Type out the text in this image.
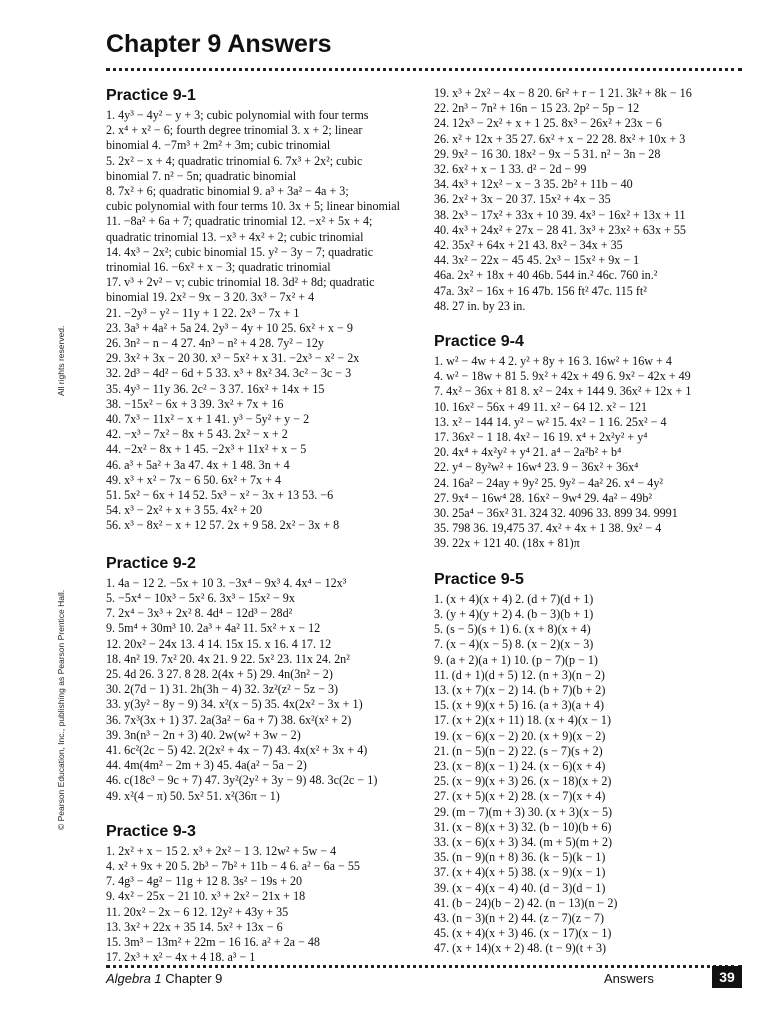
Chapter 9 Answers
Practice 9-1

1. 4y³ − 4y² − y + 3; cubic polynomial with four terms

2. x⁴ + x² − 6; fourth degree trinomial 3. x + 2; linear

binomial 4. −7m³ + 2m² + 3m; cubic trinomial

5. 2x² − x + 4; quadratic trinomial 6. 7x³ + 2x²; cubic

binomial 7. n² − 5n; quadratic binomial

8. 7x² + 6; quadratic binomial 9. a³ + 3a² − 4a + 3;

cubic polynomial with four terms 10. 3x + 5; linear binomial

11. −8a² + 6a + 7; quadratic trinomial 12. −x² + 5x + 4;

quadratic trinomial 13. −x³ + 4x² + 2; cubic trinomial

14. 4x³ − 2x²; cubic binomial 15. y² − 3y − 7; quadratic

trinomial 16. −6x² + x − 3; quadratic trinomial

17. v³ + 2v² − v; cubic trinomial 18. 3d² + 8d; quadratic

binomial 19. 2x² − 9x − 3 20. 3x³ − 7x² + 4

21. −2y³ − y² − 11y + 1 22. 2x³ − 7x + 1

23. 3a³ + 4a² + 5a 24. 2y³ − 4y + 10 25. 6x² + x − 9

26. 3n² − n − 4 27. 4n³ − n² + 4 28. 7y² − 12y

29. 3x² + 3x − 20 30. x³ − 5x² + x 31. −2x³ − x² − 2x

32. 2d³ − 4d² − 6d + 5 33. x³ + 8x² 34. 3c² − 3c − 3

35. 4y³ − 11y 36. 2c² − 3 37. 16x² + 14x + 15

38. −15x² − 6x + 3 39. 3x² + 7x + 16

40. 7x³ − 11x² − x + 1 41. y³ − 5y² + y − 2

42. −x³ − 7x² − 8x + 5 43. 2x² − x + 2

44. −2x² − 8x + 1 45. −2x³ + 11x² + x − 5

46. a³ + 5a² + 3a 47. 4x + 1 48. 3n + 4

49. x³ + x² − 7x − 6 50. 6x² + 7x + 4

51. 5x² − 6x + 14 52. 5x³ − x² − 3x + 13 53. −6

54. x³ − 2x² + x + 3 55. 4x² + 20

56. x³ − 8x² − x + 12 57. 2x + 9 58. 2x² − 3x + 8

Practice 9-2

1. 4a − 12 2. −5x + 10 3. −3x⁴ − 9x³ 4. 4x⁴ − 12x³

5. −5x⁴ − 10x³ − 5x² 6. 3x³ − 15x² − 9x

7. 2x⁴ − 3x³ + 2x² 8. 4d⁴ − 12d³ − 28d²

9. 5m⁴ + 30m³ 10. 2a³ + 4a² 11. 5x² + x − 12

12. 20x² − 24x 13. 4 14. 15x 15. x 16. 4 17. 12

18. 4n² 19. 7x² 20. 4x 21. 9 22. 5x² 23. 11x 24. 2n²

25. 4d 26. 3 27. 8 28. 2(4x + 5) 29. 4n(3n² − 2)

30. 2(7d − 1) 31. 2h(3h − 4) 32. 3z²(z² − 5z − 3)

33. y(3y² − 8y − 9) 34. x²(x − 5) 35. 4x(2x² − 3x + 1)

36. 7x³(3x + 1) 37. 2a(3a² − 6a + 7) 38. 6x²(x² + 2)

39. 3n(n³ − 2n + 3) 40. 2w(w² + 3w − 2)

41. 6c²(2c − 5) 42. 2(2x² + 4x − 7) 43. 4x(x² + 3x + 4)

44. 4m(4m² − 2m + 3) 45. 4a(a² − 5a − 2)

46. c(18c³ − 9c + 7) 47. 3y²(2y² + 3y − 9) 48. 3c(2c − 1)

49. x²(4 − π) 50. 5x² 51. x²(36π − 1)

Practice 9-3

1. 2x² + x − 15 2. x³ + 2x² − 1 3. 12w² + 5w − 4

4. x² + 9x + 20 5. 2b³ − 7b² + 11b − 4 6. a² − 6a − 55

7. 4g³ − 4g² − 11g + 12 8. 3s² − 19s + 20

9. 4x² − 25x − 21 10. x³ + 2x² − 21x + 18

11. 20x² − 2x − 6 12. 12y² + 43y + 35

13. 3x² + 22x + 35 14. 5x² + 13x − 6

15. 3m³ − 13m² + 22m − 16 16. a² + 2a − 48

17. 2x³ + x² − 4x + 4 18. a³ − 1

19. x³ + 2x² − 4x − 8 20. 6r² + r − 1 21. 3k² + 8k − 16

22. 2n³ − 7n² + 16n − 15 23. 2p² − 5p − 12

24. 12x³ − 2x² + x + 1 25. 8x³ − 26x² + 23x − 6

26. x² + 12x + 35 27. 6x² + x − 22 28. 8x² + 10x + 3

29. 9x² − 16 30. 18x² − 9x − 5 31. n² − 3n − 28

32. 6x² + x − 1 33. d² − 2d − 99

34. 4x³ + 12x² − x − 3 35. 2b² + 11b − 40

36. 2x² + 3x − 20 37. 15x² + 4x − 35

38. 2x³ − 17x² + 33x + 10 39. 4x³ − 16x² + 13x + 11

40. 4x³ + 24x² + 27x − 28 41. 3x³ + 23x² + 63x + 55

42. 35x² + 64x + 21 43. 8x² − 34x + 35

44. 3x² − 22x − 45 45. 2x³ − 15x² + 9x − 1

46a. 2x² + 18x + 40 46b. 544 in.² 46c. 760 in.²

47a. 3x² − 16x + 16 47b. 156 ft² 47c. 115 ft²

48. 27 in. by 23 in.

Practice 9-4

1. w² − 4w + 4 2. y² + 8y + 16 3. 16w² + 16w + 4

4. w² − 18w + 81 5. 9x² + 42x + 49 6. 9x² − 42x + 49

7. 4x² − 36x + 81 8. x² − 24x + 144 9. 36x² + 12x + 1

10. 16x² − 56x + 49 11. x² − 64 12. x² − 121

13. x² − 144 14. y² − w² 15. 4x² − 1 16. 25x² − 4

17. 36x² − 1 18. 4x² − 16 19. x⁴ + 2x²y² + y⁴

20. 4x⁴ + 4x²y² + y⁴ 21. a⁴ − 2a²b² + b⁴

22. y⁴ − 8y²w² + 16w⁴ 23. 9 − 36x² + 36x⁴

24. 16a² − 24ay + 9y² 25. 9y² − 4a² 26. x⁴ − 4y²

27. 9x⁴ − 16w⁴ 28. 16x² − 9w⁴ 29. 4a² − 49b²

30. 25a⁴ − 36x² 31. 324 32. 4096 33. 899 34. 9991

35. 798 36. 19,475 37. 4x² + 4x + 1 38. 9x² − 4

39. 22x + 121 40. (18x + 81)π

Practice 9-5

1. (x + 4)(x + 4) 2. (d + 7)(d + 1)

3. (y + 4)(y + 2) 4. (b − 3)(b + 1)

5. (s − 5)(s + 1) 6. (x + 8)(x + 4)

7. (x − 4)(x − 5) 8. (x − 2)(x − 3)

9. (a + 2)(a + 1) 10. (p − 7)(p − 1)

11. (d + 1)(d + 5) 12. (n + 3)(n − 2)

13. (x + 7)(x − 2) 14. (b + 7)(b + 2)

15. (x + 9)(x + 5) 16. (a + 3)(a + 4)

17. (x + 2)(x + 11) 18. (x + 4)(x − 1)

19. (x − 6)(x − 2) 20. (x + 9)(x − 2)

21. (n − 5)(n − 2) 22. (s − 7)(s + 2)

23. (x − 8)(x − 1) 24. (x − 6)(x + 4)

25. (x − 9)(x + 3) 26. (x − 18)(x + 2)

27. (x + 5)(x + 2) 28. (x − 7)(x + 4)

29. (m − 7)(m + 3) 30. (x + 3)(x − 5)

31. (x − 8)(x + 3) 32. (b − 10)(b + 6)

33. (x − 6)(x + 3) 34. (m + 5)(m + 2)

35. (n − 9)(n + 8) 36. (k − 5)(k − 1)

37. (x + 4)(x + 5) 38. (x − 9)(x − 1)

39. (x − 4)(x − 4) 40. (d − 3)(d − 1)

41. (b − 24)(b − 2) 42. (n − 13)(n − 2)

43. (n − 3)(n + 2) 44. (z − 7)(z − 7)

45. (x + 4)(x + 3) 46. (x − 17)(x − 1)

47. (x + 14)(x + 2) 48. (t − 9)(t + 3)

All rights reserved.
© Pearson Education, Inc., publishing as Pearson Prentice Hall.
Algebra 1 Chapter 9	Answers	39
